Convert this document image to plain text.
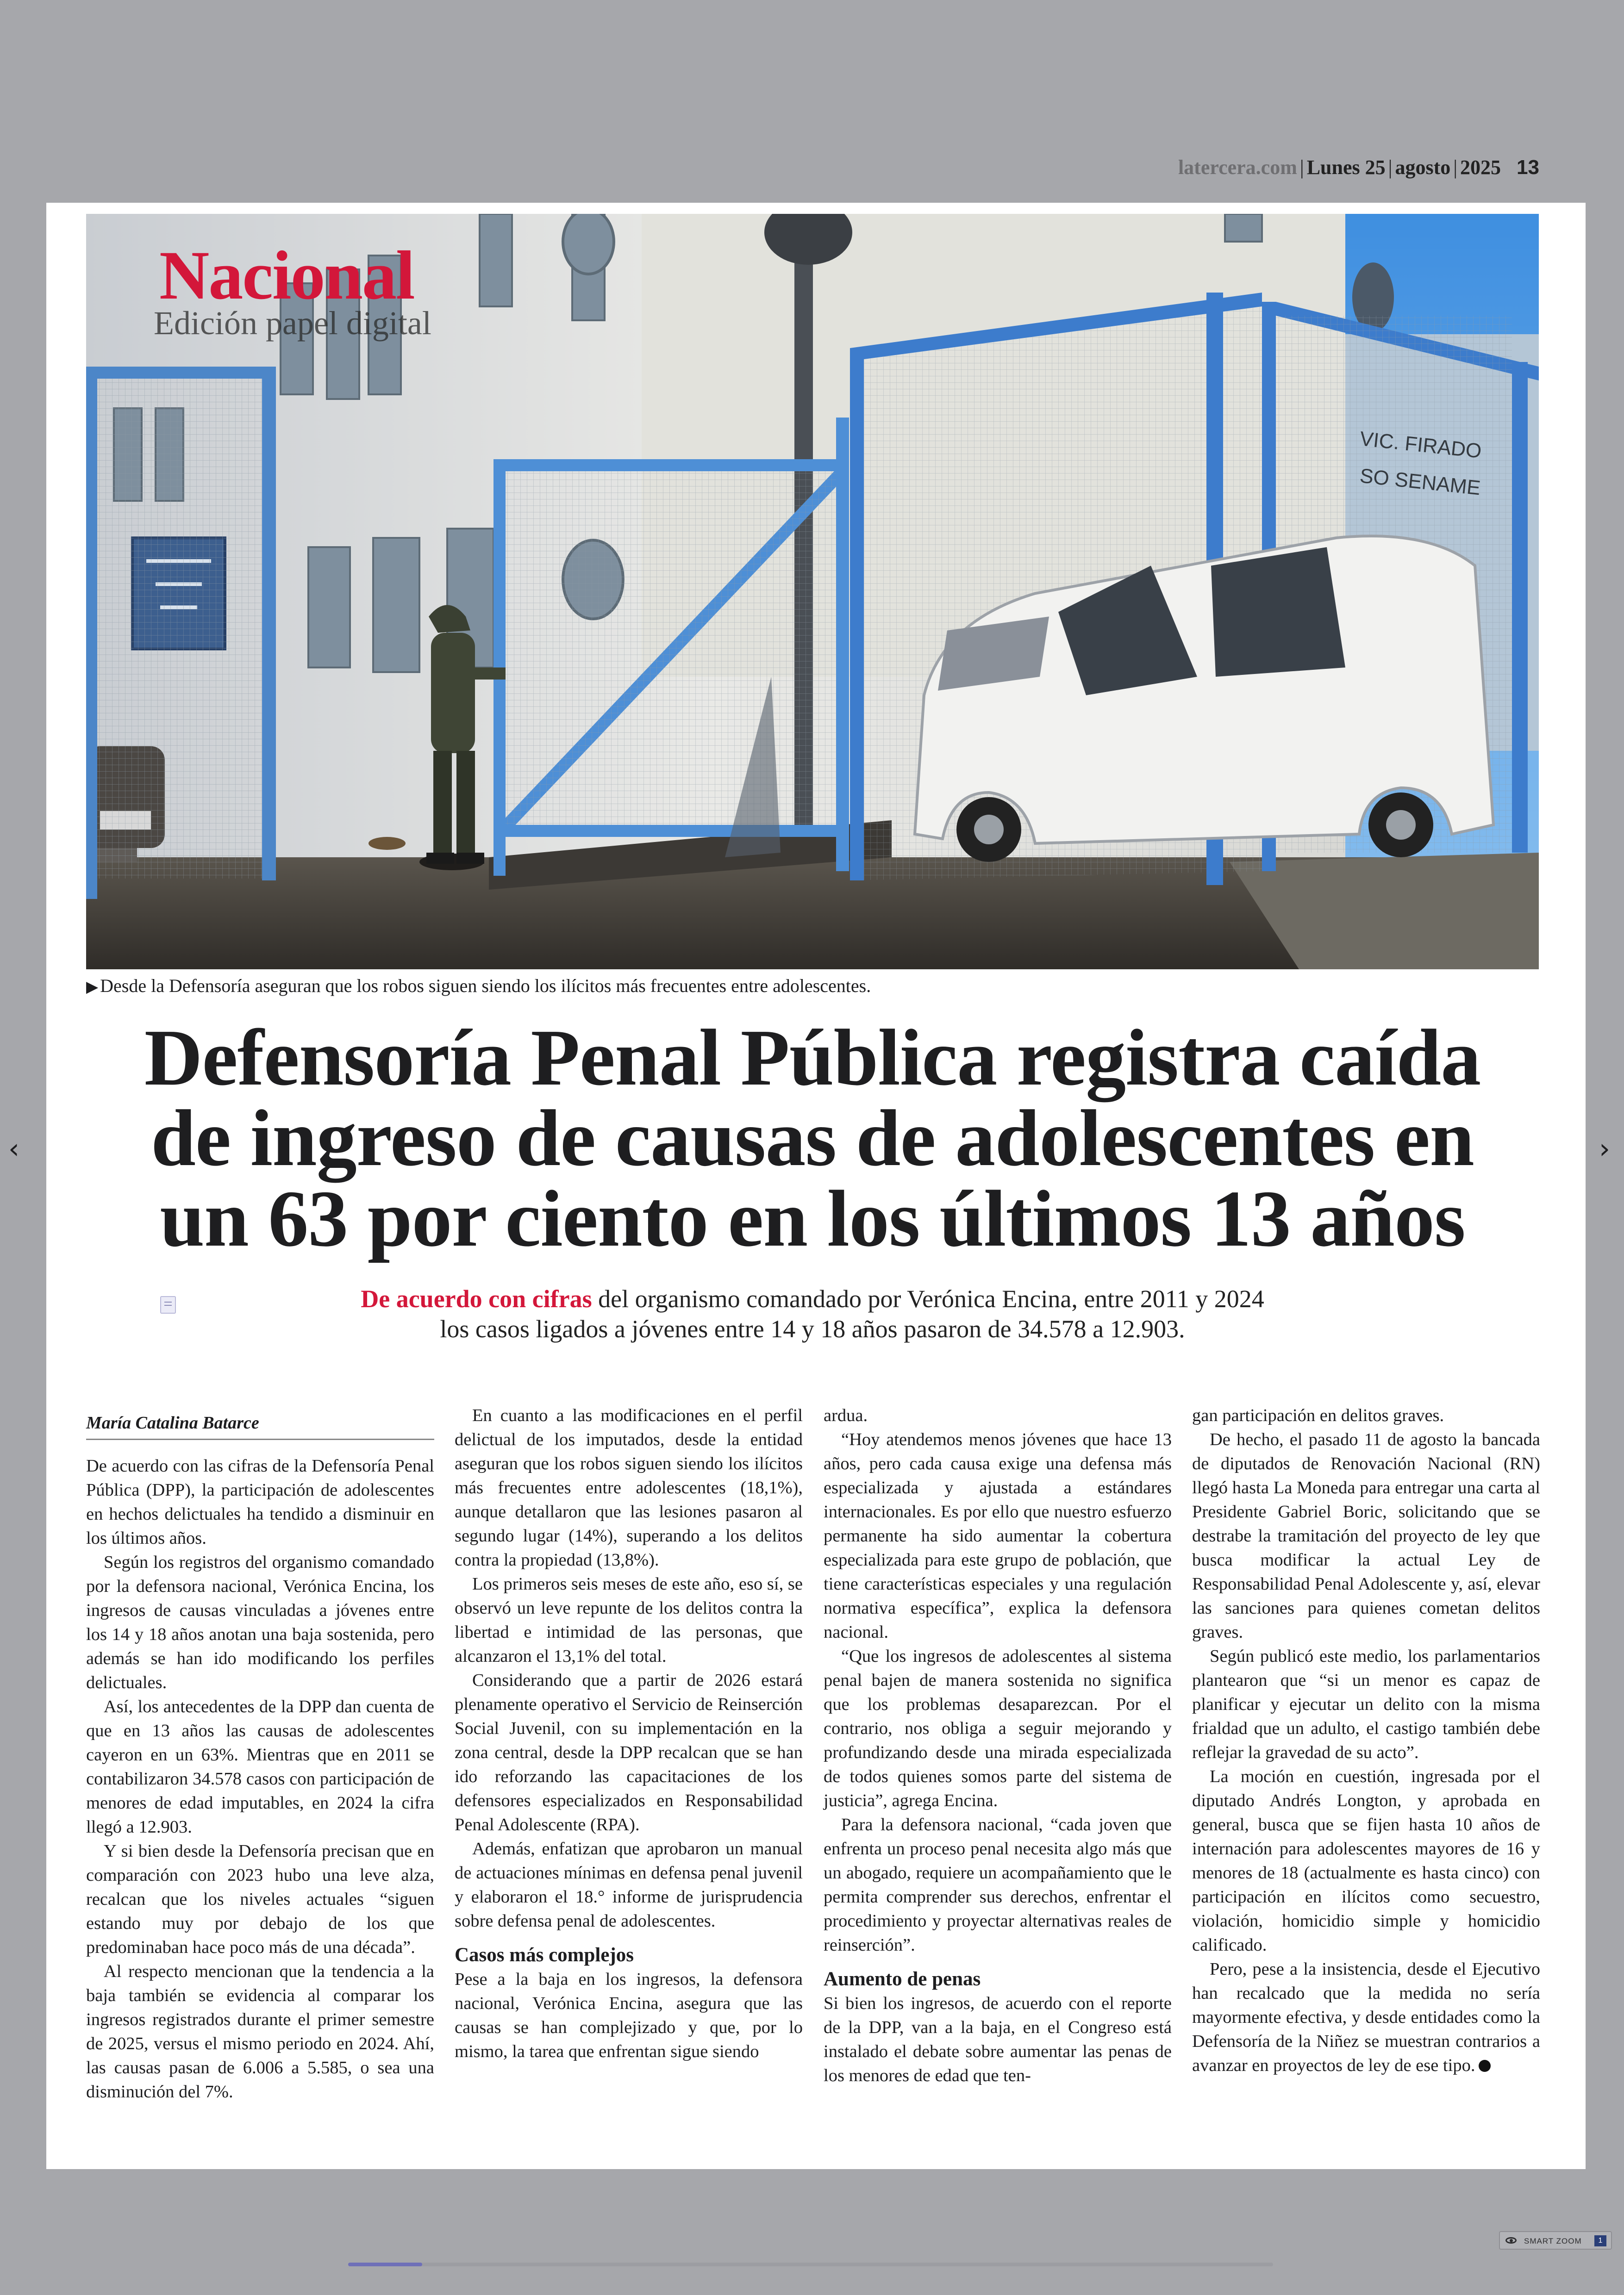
latercera.com | Lunes 25 | agosto | 2025 13
‹	›
VIC. FIRADO
SO SENAME
Nacional
Edición papel digital
▶ Desde la Defensoría aseguran que los robos siguen siendo los ilícitos más frecuentes entre adolescentes.
Defensoría Penal Pública registra caída
de ingreso de causas de adolescentes en
un 63 por ciento en los últimos 13 años
De acuerdo con cifras del organismo comandado por Verónica Encina, entre 2011 y 2024
los casos ligados a jóvenes entre 14 y 18 años pasaron de 34.578 a 12.903.
María Catalina Batarce

De acuerdo con las cifras de la Defensoría Penal Pública (DPP), la participación de adolescentes en hechos delictuales ha tendido a disminuir en los últimos años.

Según los registros del organismo comandado por la defensora nacional, Verónica Encina, los ingresos de causas vinculadas a jóvenes entre los 14 y 18 años anotan una baja sostenida, pero además se han ido modificando los perfiles delictuales.

Así, los antecedentes de la DPP dan cuenta de que en 13 años las causas de adolescentes cayeron en un 63%. Mientras que en 2011 se contabilizaron 34.578 casos con participación de menores de edad imputables, en 2024 la cifra llegó a 12.903.

Y si bien desde la Defensoría precisan que en comparación con 2023 hubo una leve alza, recalcan que los niveles actuales “siguen estando muy por debajo de los que predominaban hace poco más de una década”.

Al respecto mencionan que la tendencia a la baja también se evidencia al comparar los ingresos registrados durante el primer semestre de 2025, versus el mismo periodo en 2024. Ahí, las causas pasan de 6.006 a 5.585, o sea una disminución del 7%.

En cuanto a las modificaciones en el perfil delictual de los imputados, desde la entidad aseguran que los robos siguen siendo los ilícitos más frecuentes entre adolescentes (18,1%), aunque detallaron que las lesiones pasaron al segundo lugar (14%), superando a los delitos contra la propiedad (13,8%).

Los primeros seis meses de este año, eso sí, se observó un leve repunte de los delitos contra la libertad e intimidad de las personas, que alcanzaron el 13,1% del total.

Considerando que a partir de 2026 estará plenamente operativo el Servicio de Reinserción Social Juvenil, con su implementación en la zona central, desde la DPP recalcan que se han ido reforzando las capacitaciones de los defensores especializados en Responsabilidad Penal Adolescente (RPA).

Además, enfatizan que aprobaron un manual de actuaciones mínimas en defensa penal juvenil y elaboraron el 18.° informe de jurisprudencia sobre defensa penal de adolescentes.

Casos más complejos

Pese a la baja en los ingresos, la defensora nacional, Verónica Encina, asegura que las causas se han complejizado y que, por lo mismo, la tarea que enfrentan sigue siendo

ardua.

“Hoy atendemos menos jóvenes que hace 13 años, pero cada causa exige una defensa más especializada y ajustada a estándares internacionales. Es por ello que nuestro esfuerzo permanente ha sido aumentar la cobertura especializada para este grupo de población, que tiene características especiales y una regulación normativa específica”, explica la defensora nacional.

“Que los ingresos de adolescentes al sistema penal bajen de manera sostenida no significa que los problemas desaparezcan. Por el contrario, nos obliga a seguir mejorando y profundizando desde una mirada especializada de todos quienes somos parte del sistema de justicia”, agrega Encina.

Para la defensora nacional, “cada joven que enfrenta un proceso penal necesita algo más que un abogado, requiere un acompañamiento que le permita comprender sus derechos, enfrentar el procedimiento y proyectar alternativas reales de reinserción”.

Aumento de penas

Si bien los ingresos, de acuerdo con el reporte de la DPP, van a la baja, en el Congreso está instalado el debate sobre aumentar las penas de los menores de edad que ten-

gan participación en delitos graves.

De hecho, el pasado 11 de agosto la bancada de diputados de Renovación Nacional (RN) llegó hasta La Moneda para entregar una carta al Presidente Gabriel Boric, solicitando que se destrabe la tramitación del proyecto de ley que busca modificar la actual Ley de Responsabilidad Penal Adolescente y, así, elevar las sanciones para quienes cometan delitos graves.

Según publicó este medio, los parlamentarios plantearon que “si un menor es capaz de planificar y ejecutar un delito con la misma frialdad que un adulto, el castigo también debe reflejar la gravedad de su acto”.

La moción en cuestión, ingresada por el diputado Andrés Longton, y aprobada en general, busca que se fijen hasta 10 años de internación para adolescentes mayores de 16 y menores de 18 (actualmente es hasta cinco) con participación en ilícitos como secuestro, violación, homicidio simple y homicidio calificado.

Pero, pese a la insistencia, desde el Ejecutivo han recalcado que la medida no sería mayormente efectiva, y desde entidades como la Defensoría de la Niñez se muestran contrarios a avanzar en proyectos de ley de ese tipo.

SMART ZOOM	1
